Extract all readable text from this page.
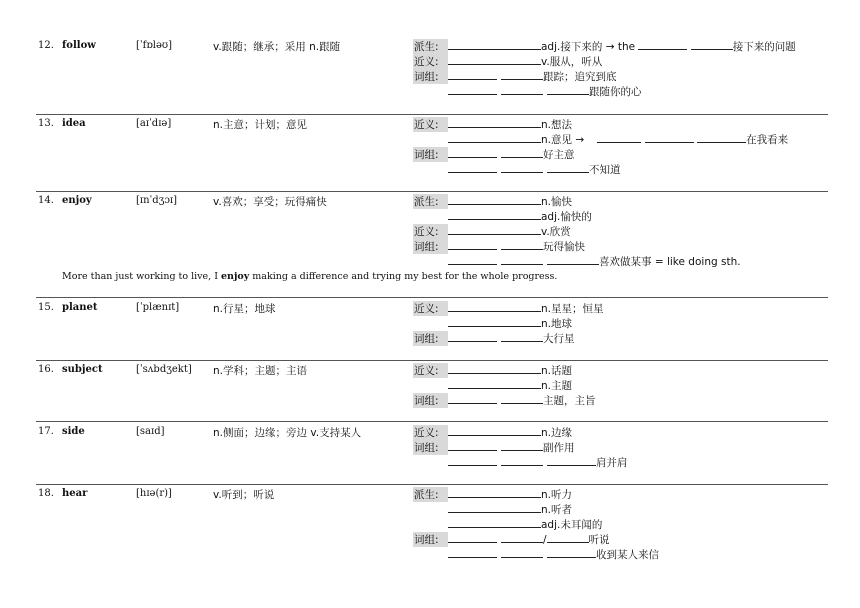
12. follow	[ˈfɒləʊ]	v.跟随；继承；采用 n.跟随	派生:	adj.接下来的 → the	接下来的问题
近义:	v.服从，听从
词组:	跟踪；追究到底
跟随你的心
13. idea	[aɪˈdɪə]	n.主意；计划；意见	近义:	n.想法
n.意见 →	在我看来
词组:	好主意
不知道
14. enjoy	[ɪnˈdʒɔɪ]	v.喜欢；享受；玩得痛快	派生:	n.愉快
adj.愉快的
近义:	v.欣赏
词组:	玩得愉快
喜欢做某事 = like doing sth.
More than just working to live, I enjoy making a difference and trying my best for the whole progress.
15. planet	[ˈplænɪt]	n.行星；地球	近义:	n.星星；恒星
n.地球
词组:	大行星
16. subject	[ˈsʌbdʒekt] n.学科；主题；主语	近义:	n.话题
n.主题
词组:	主题，主旨
17. side	[saɪd]	n.侧面；边缘；旁边 v.支持某人	近义:	n.边缘
词组:	副作用
肩并肩
18. hear	[hɪə(r)]	v.听到；听说	派生:	n.听力
n.听者
adj.未耳闻的
词组:	/	听说
收到某人来信
